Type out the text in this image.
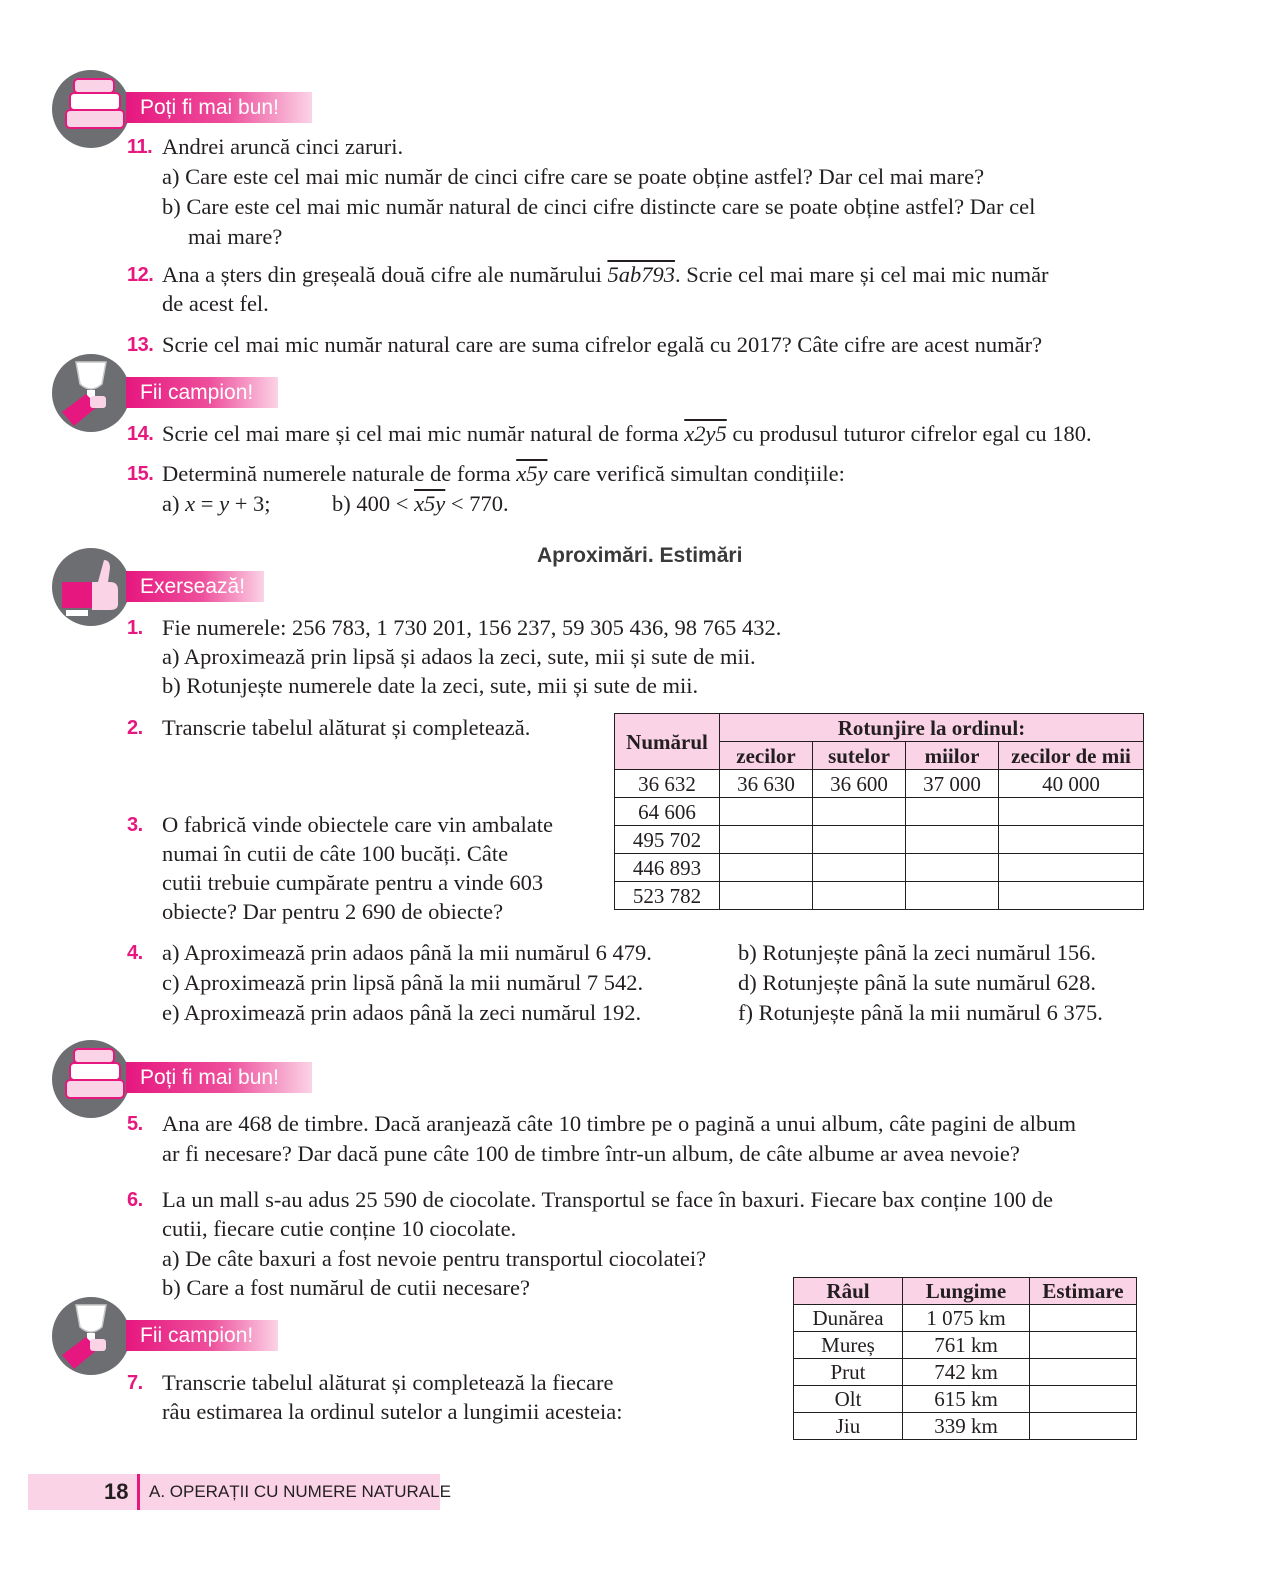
Poți fi mai bun!
11. Andrei aruncă cinci zaruri.
a) Care este cel mai mic număr de cinci cifre care se poate obține astfel? Dar cel mai mare?
b) Care este cel mai mic număr natural de cinci cifre distincte care se poate obține astfel? Dar cel
mai mare?
12. Ana a șters din greșeală două cifre ale numărului 5ab793. Scrie cel mai mare și cel mai mic număr
de acest fel.
13. Scrie cel mai mic număr natural care are suma cifrelor egală cu 2017? Câte cifre are acest număr?
Fii campion!
14. Scrie cel mai mare și cel mai mic număr natural de forma x2y5 cu produsul tuturor cifrelor egal cu 180.
15. Determină numerele naturale de forma x5y care verifică simultan condițiile:
a) x = y + 3;	b) 400 < x5y < 770.
Aproximări. Estimări
Exersează!
1. Fie numerele: 256 783, 1 730 201, 156 237, 59 305 436, 98 765 432.
a) Aproximează prin lipsă și adaos la zeci, sute, mii și sute de mii.
b) Rotunjește numerele date la zeci, sute, mii și sute de mii.
2. Transcrie tabelul alăturat și completează.
Numărul	Rotunjire la ordinul:			
	zecilor	sutelor	miilor	zecilor de mii
36 632	36 630	36 600	37 000	40 000
64 606				
495 702				
446 893				
523 782				
3. O fabrică vinde obiectele care vin ambalate
numai în cutii de câte 100 bucăți. Câte
cutii trebuie cumpărate pentru a vinde 603
obiecte? Dar pentru 2 690 de obiecte?
4. a) Aproximează prin adaos până la mii numărul 6 479.	b) Rotunjește până la zeci numărul 156.
c) Aproximează prin lipsă până la mii numărul 7 542.	d) Rotunjește până la sute numărul 628.
e) Aproximează prin adaos până la zeci numărul 192.	f) Rotunjește până la mii numărul 6 375.
Poți fi mai bun!
5. Ana are 468 de timbre. Dacă aranjează câte 10 timbre pe o pagină a unui album, câte pagini de album
ar fi necesare? Dar dacă pune câte 100 de timbre într-un album, de câte albume ar avea nevoie?
6. La un mall s-au adus 25 590 de ciocolate. Transportul se face în baxuri. Fiecare bax conține 100 de
cutii, fiecare cutie conține 10 ciocolate.
a) De câte baxuri a fost nevoie pentru transportul ciocolatei?
b) Care a fost numărul de cutii necesare?
Fii campion!
7. Transcrie tabelul alăturat și completează la fiecare
râu estimarea la ordinul sutelor a lungimii acesteia:
Râul	Lungime	Estimare
Dunărea	1 075 km	
Mureș	761 km	
Prut	742 km	
Olt	615 km	
Jiu	339 km	
18 A. OPERAȚII CU NUMERE NATURALE
